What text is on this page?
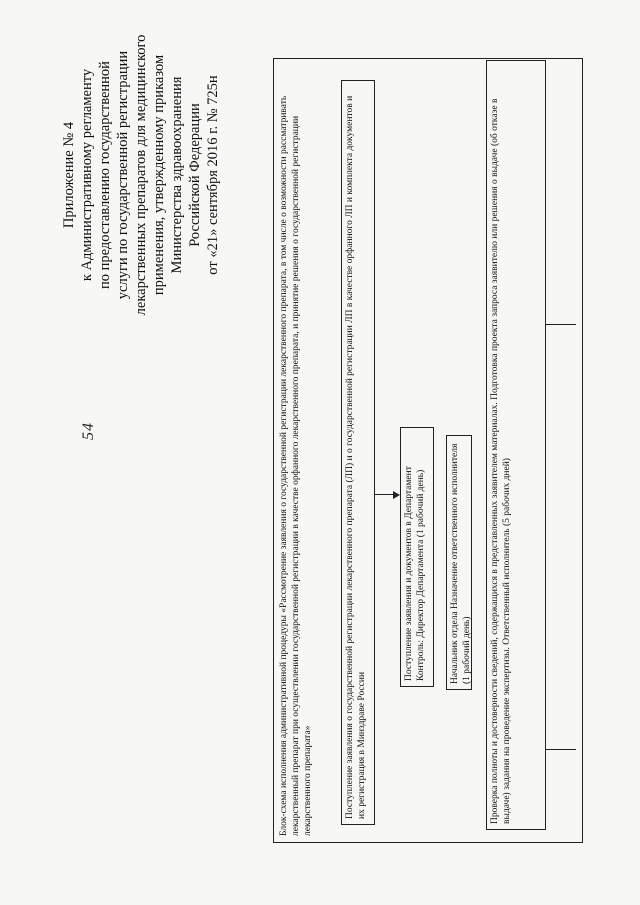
54
Приложение № 4 к Административному регламенту по предоставлению государственной услуги по государственной регистрации лекарственных препаратов для медицинского применения, утвержденному приказом Министерства здравоохранения Российской Федерации от «21» сентября 2016 г. № 725н	Блок-схема исполнения административной процедуры «Рассмотрение заявления о государственной регистрации лекарственного препарата, в том числе о возможности рассматривать лекарственный препарат при осуществлении государственной регистрации в качестве орфанного лекарственного препарата, и принятие решения о государственной регистрации лекарственного препарата»	Поступление заявления о государственной регистрации лекарственного препарата (ЛП) и о государственной регистрации ЛП в качестве орфанного ЛП и комплекта документов и их регистрация в Минздраве России
Поступление заявления и документов в Департамент Контроль: Директор Департамента (1 рабочий день)	Начальник отдела Назначение ответственного исполнителя (1 рабочий день)	Проверка полноты и достоверности сведений, содержащихся в представленных заявителем материалах. Подготовка проекта запроса заявителю или решения о выдаче (об отказе в выдаче) задания на проведение экспертизы. Ответственный исполнитель (5 рабочих дней)
